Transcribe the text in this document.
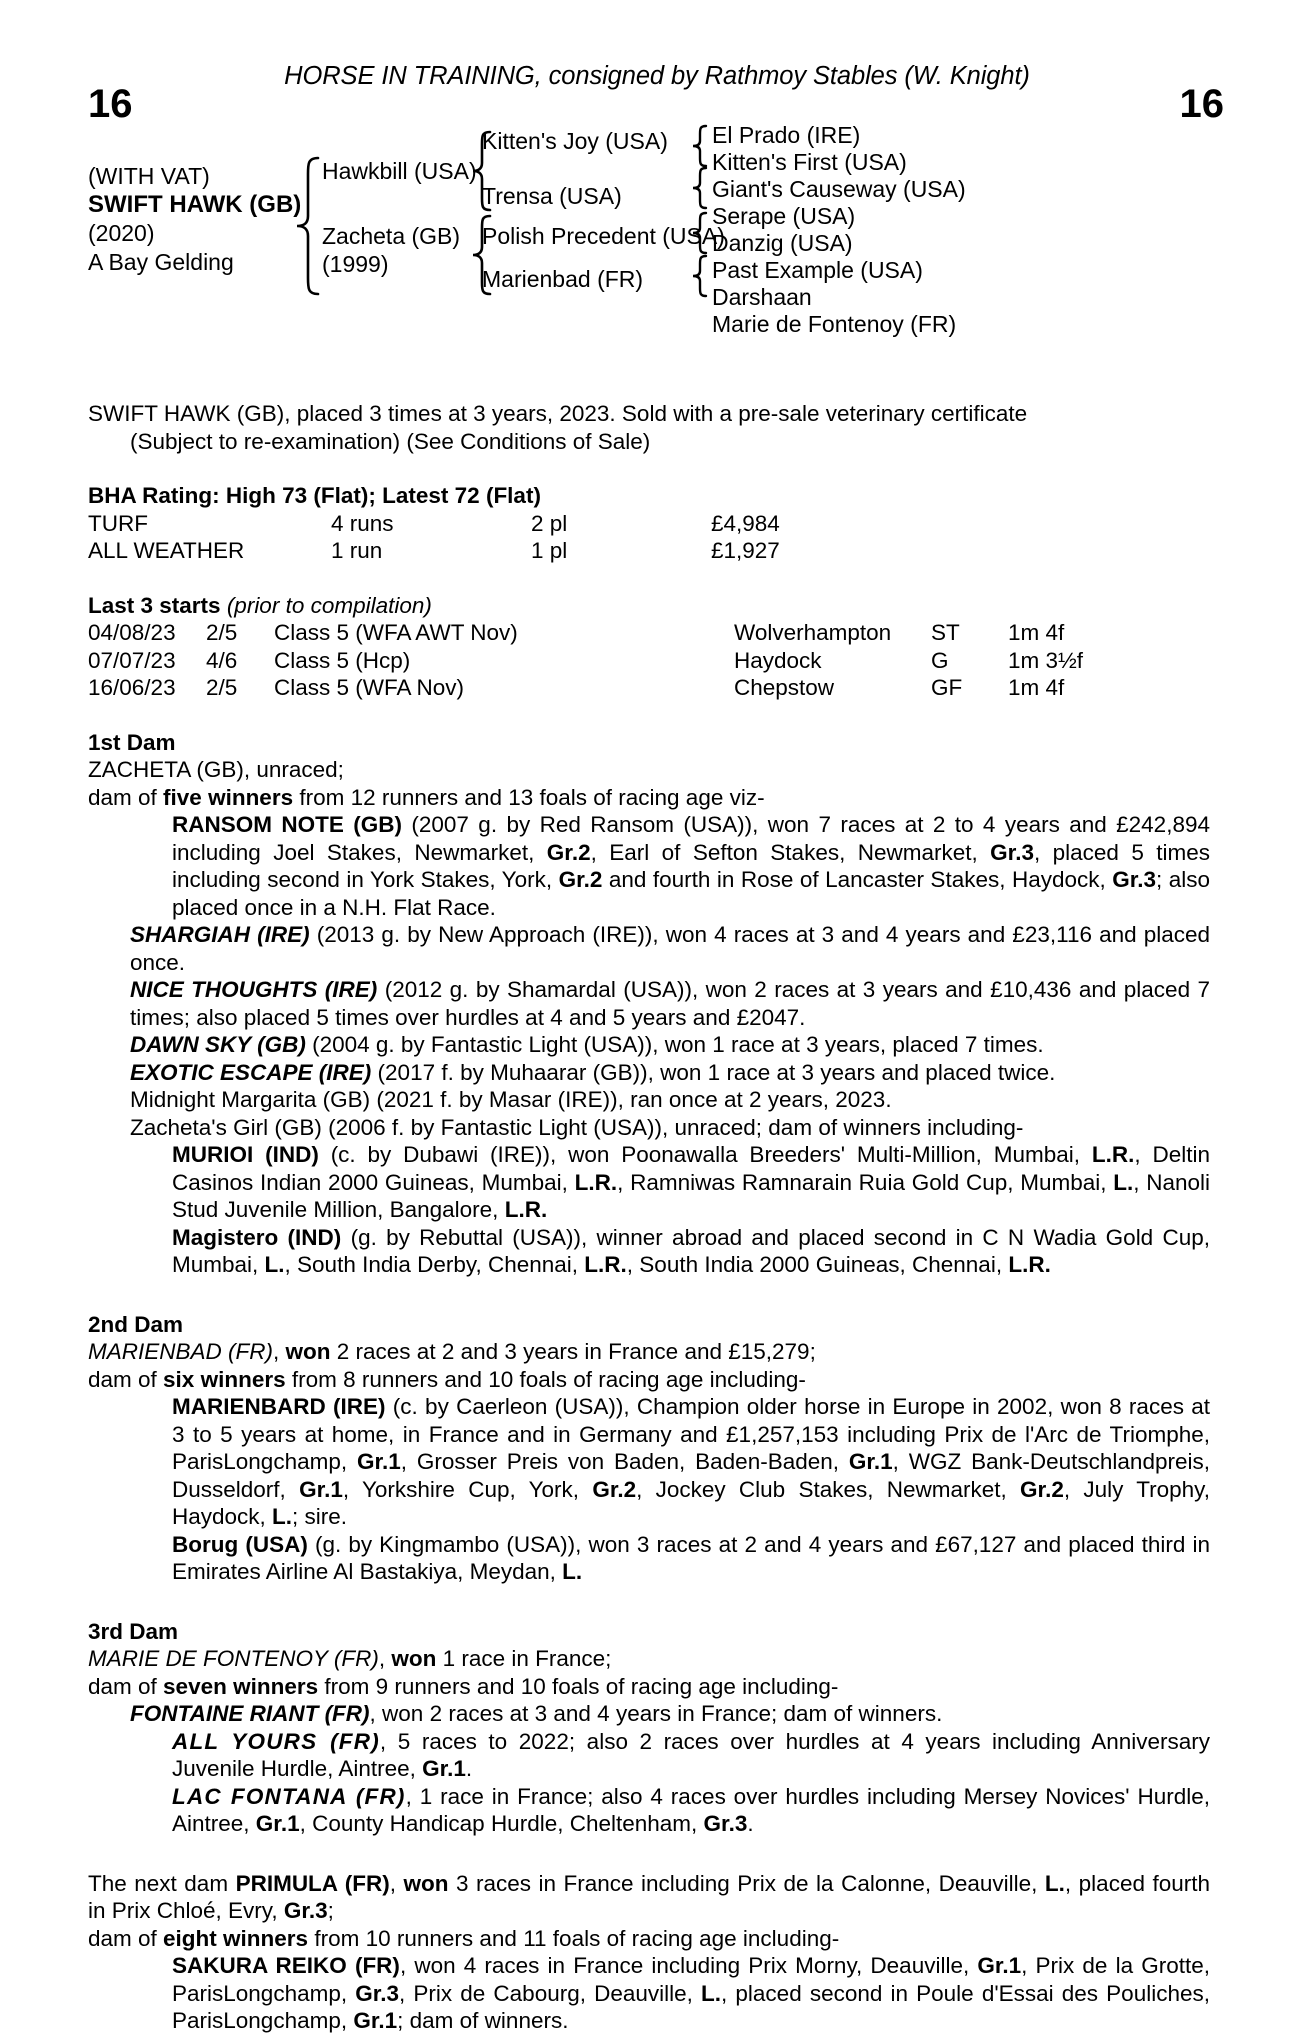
HORSE IN TRAINING, consigned by Rathmoy Stables (W. Knight)
16	16
(WITH VAT)
SWIFT HAWK (GB)
(2020)
A Bay Gelding
Hawkbill (USA)
Zacheta (GB)
(1999)
Kitten's Joy (USA)
Trensa (USA)
Polish Precedent (USA)
Marienbad (FR)
El Prado (IRE)
Kitten's First (USA)
Giant's Causeway (USA)
Serape (USA)
Danzig (USA)
Past Example (USA)
Darshaan
Marie de Fontenoy (FR)

SWIFT HAWK (GB), placed 3 times at 3 years, 2023. Sold with a pre-sale veterinary certificate

(Subject to re-examination) (See Conditions of Sale)

BHA Rating: High 73 (Flat); Latest 72 (Flat)

TURF	4 runs	2 pl	£4,984
ALL WEATHER	1 run	1 pl	£1,927

Last 3 starts (prior to compilation)

04/08/23	2/5	Class 5 (WFA AWT Nov)	Wolverhampton	ST	1m 4f
07/07/23	4/6	Class 5 (Hcp)	Haydock	G	1m 3½f
16/06/23	2/5	Class 5 (WFA Nov)	Chepstow	GF	1m 4f

1st Dam

ZACHETA (GB), unraced;

dam of five winners from 12 runners and 13 foals of racing age viz-

RANSOM NOTE (GB) (2007 g. by Red Ransom (USA)), won 7 races at 2 to 4 years and £242,894 including Joel Stakes, Newmarket, Gr.2, Earl of Sefton Stakes, Newmarket, Gr.3, placed 5 times including second in York Stakes, York, Gr.2 and fourth in Rose of Lancaster Stakes, Haydock, Gr.3; also placed once in a N.H. Flat Race.

SHARGIAH (IRE) (2013 g. by New Approach (IRE)), won 4 races at 3 and 4 years and £23,116 and placed once.

NICE THOUGHTS (IRE) (2012 g. by Shamardal (USA)), won 2 races at 3 years and £10,436 and placed 7 times; also placed 5 times over hurdles at 4 and 5 years and £2047.

DAWN SKY (GB) (2004 g. by Fantastic Light (USA)), won 1 race at 3 years, placed 7 times.

EXOTIC ESCAPE (IRE) (2017 f. by Muhaarar (GB)), won 1 race at 3 years and placed twice.

Midnight Margarita (GB) (2021 f. by Masar (IRE)), ran once at 2 years, 2023.

Zacheta's Girl (GB) (2006 f. by Fantastic Light (USA)), unraced; dam of winners including-

MURIOI (IND) (c. by Dubawi (IRE)), won Poonawalla Breeders' Multi-Million, Mumbai, L.R., Deltin Casinos Indian 2000 Guineas, Mumbai, L.R., Ramniwas Ramnarain Ruia Gold Cup, Mumbai, L., Nanoli Stud Juvenile Million, Bangalore, L.R.

Magistero (IND) (g. by Rebuttal (USA)), winner abroad and placed second in C N Wadia Gold Cup, Mumbai, L., South India Derby, Chennai, L.R., South India 2000 Guineas, Chennai, L.R.

2nd Dam

MARIENBAD (FR), won 2 races at 2 and 3 years in France and £15,279;

dam of six winners from 8 runners and 10 foals of racing age including-

MARIENBARD (IRE) (c. by Caerleon (USA)), Champion older horse in Europe in 2002, won 8 races at 3 to 5 years at home, in France and in Germany and £1,257,153 including Prix de l'Arc de Triomphe, ParisLongchamp, Gr.1, Grosser Preis von Baden, Baden-Baden, Gr.1, WGZ Bank-Deutschlandpreis, Dusseldorf, Gr.1, Yorkshire Cup, York, Gr.2, Jockey Club Stakes, Newmarket, Gr.2, July Trophy, Haydock, L.; sire.

Borug (USA) (g. by Kingmambo (USA)), won 3 races at 2 and 4 years and £67,127 and placed third in Emirates Airline Al Bastakiya, Meydan, L.

3rd Dam

MARIE DE FONTENOY (FR), won 1 race in France;

dam of seven winners from 9 runners and 10 foals of racing age including-

FONTAINE RIANT (FR), won 2 races at 3 and 4 years in France; dam of winners.

ALL YOURS (FR), 5 races to 2022; also 2 races over hurdles at 4 years including Anniversary Juvenile Hurdle, Aintree, Gr.1.

LAC FONTANA (FR), 1 race in France; also 4 races over hurdles including Mersey Novices' Hurdle, Aintree, Gr.1, County Handicap Hurdle, Cheltenham, Gr.3.

The next dam PRIMULA (FR), won 3 races in France including Prix de la Calonne, Deauville, L., placed fourth in Prix Chloé, Evry, Gr.3;

dam of eight winners from 10 runners and 11 foals of racing age including-

SAKURA REIKO (FR), won 4 races in France including Prix Morny, Deauville, Gr.1, Prix de la Grotte, ParisLongchamp, Gr.3, Prix de Cabourg, Deauville, L., placed second in Poule d'Essai des Pouliches, ParisLongchamp, Gr.1; dam of winners.
